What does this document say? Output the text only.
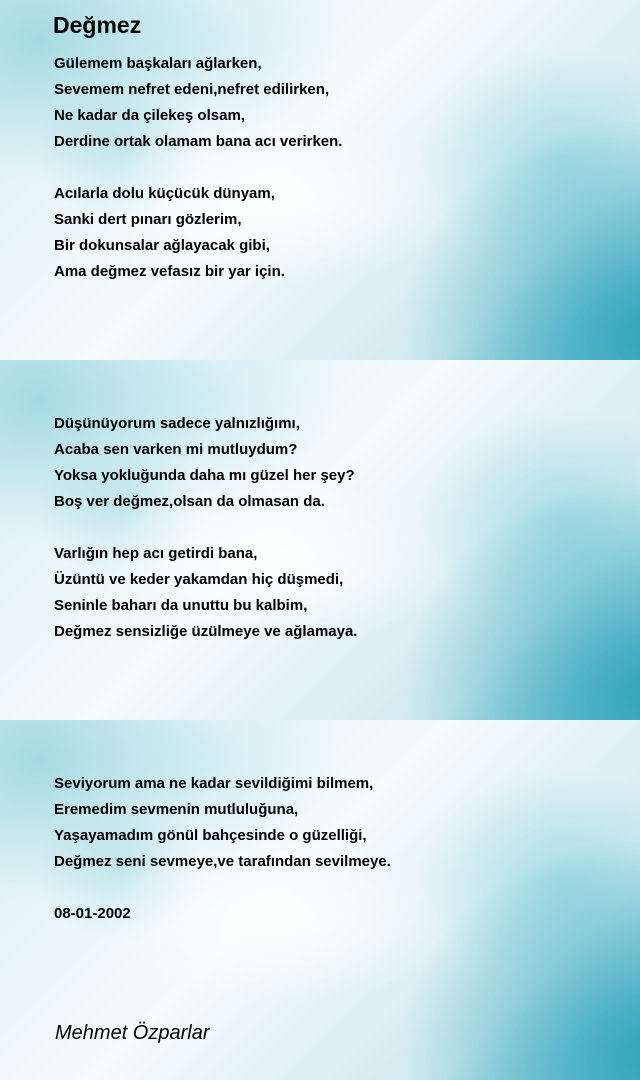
Değmez
Gülemem başkaları ağlarken,
Sevemem nefret edeni,nefret edilirken,
Ne kadar da çilekeş olsam,
Derdine ortak olamam bana acı verirken.
Acılarla dolu küçücük dünyam,
Sanki dert pınarı gözlerim,
Bir dokunsalar ağlayacak gibi,
Ama değmez vefasız bir yar için.
Düşünüyorum sadece yalnızlığımı,
Acaba sen varken mi mutluydum?
Yoksa yokluğunda daha mı güzel her şey?
Boş ver değmez,olsan da olmasan da.
Varlığın hep acı getirdi bana,
Üzüntü ve keder yakamdan hiç düşmedi,
Seninle baharı da unuttu bu kalbim,
Değmez sensizliğe üzülmeye ve ağlamaya.
Seviyorum ama ne kadar sevildiğimi bilmem,
Eremedim sevmenin mutluluğuna,
Yaşayamadım gönül bahçesinde o güzelliği,
Değmez seni sevmeye,ve tarafından sevilmeye.
08-01-2002
Mehmet Özparlar
